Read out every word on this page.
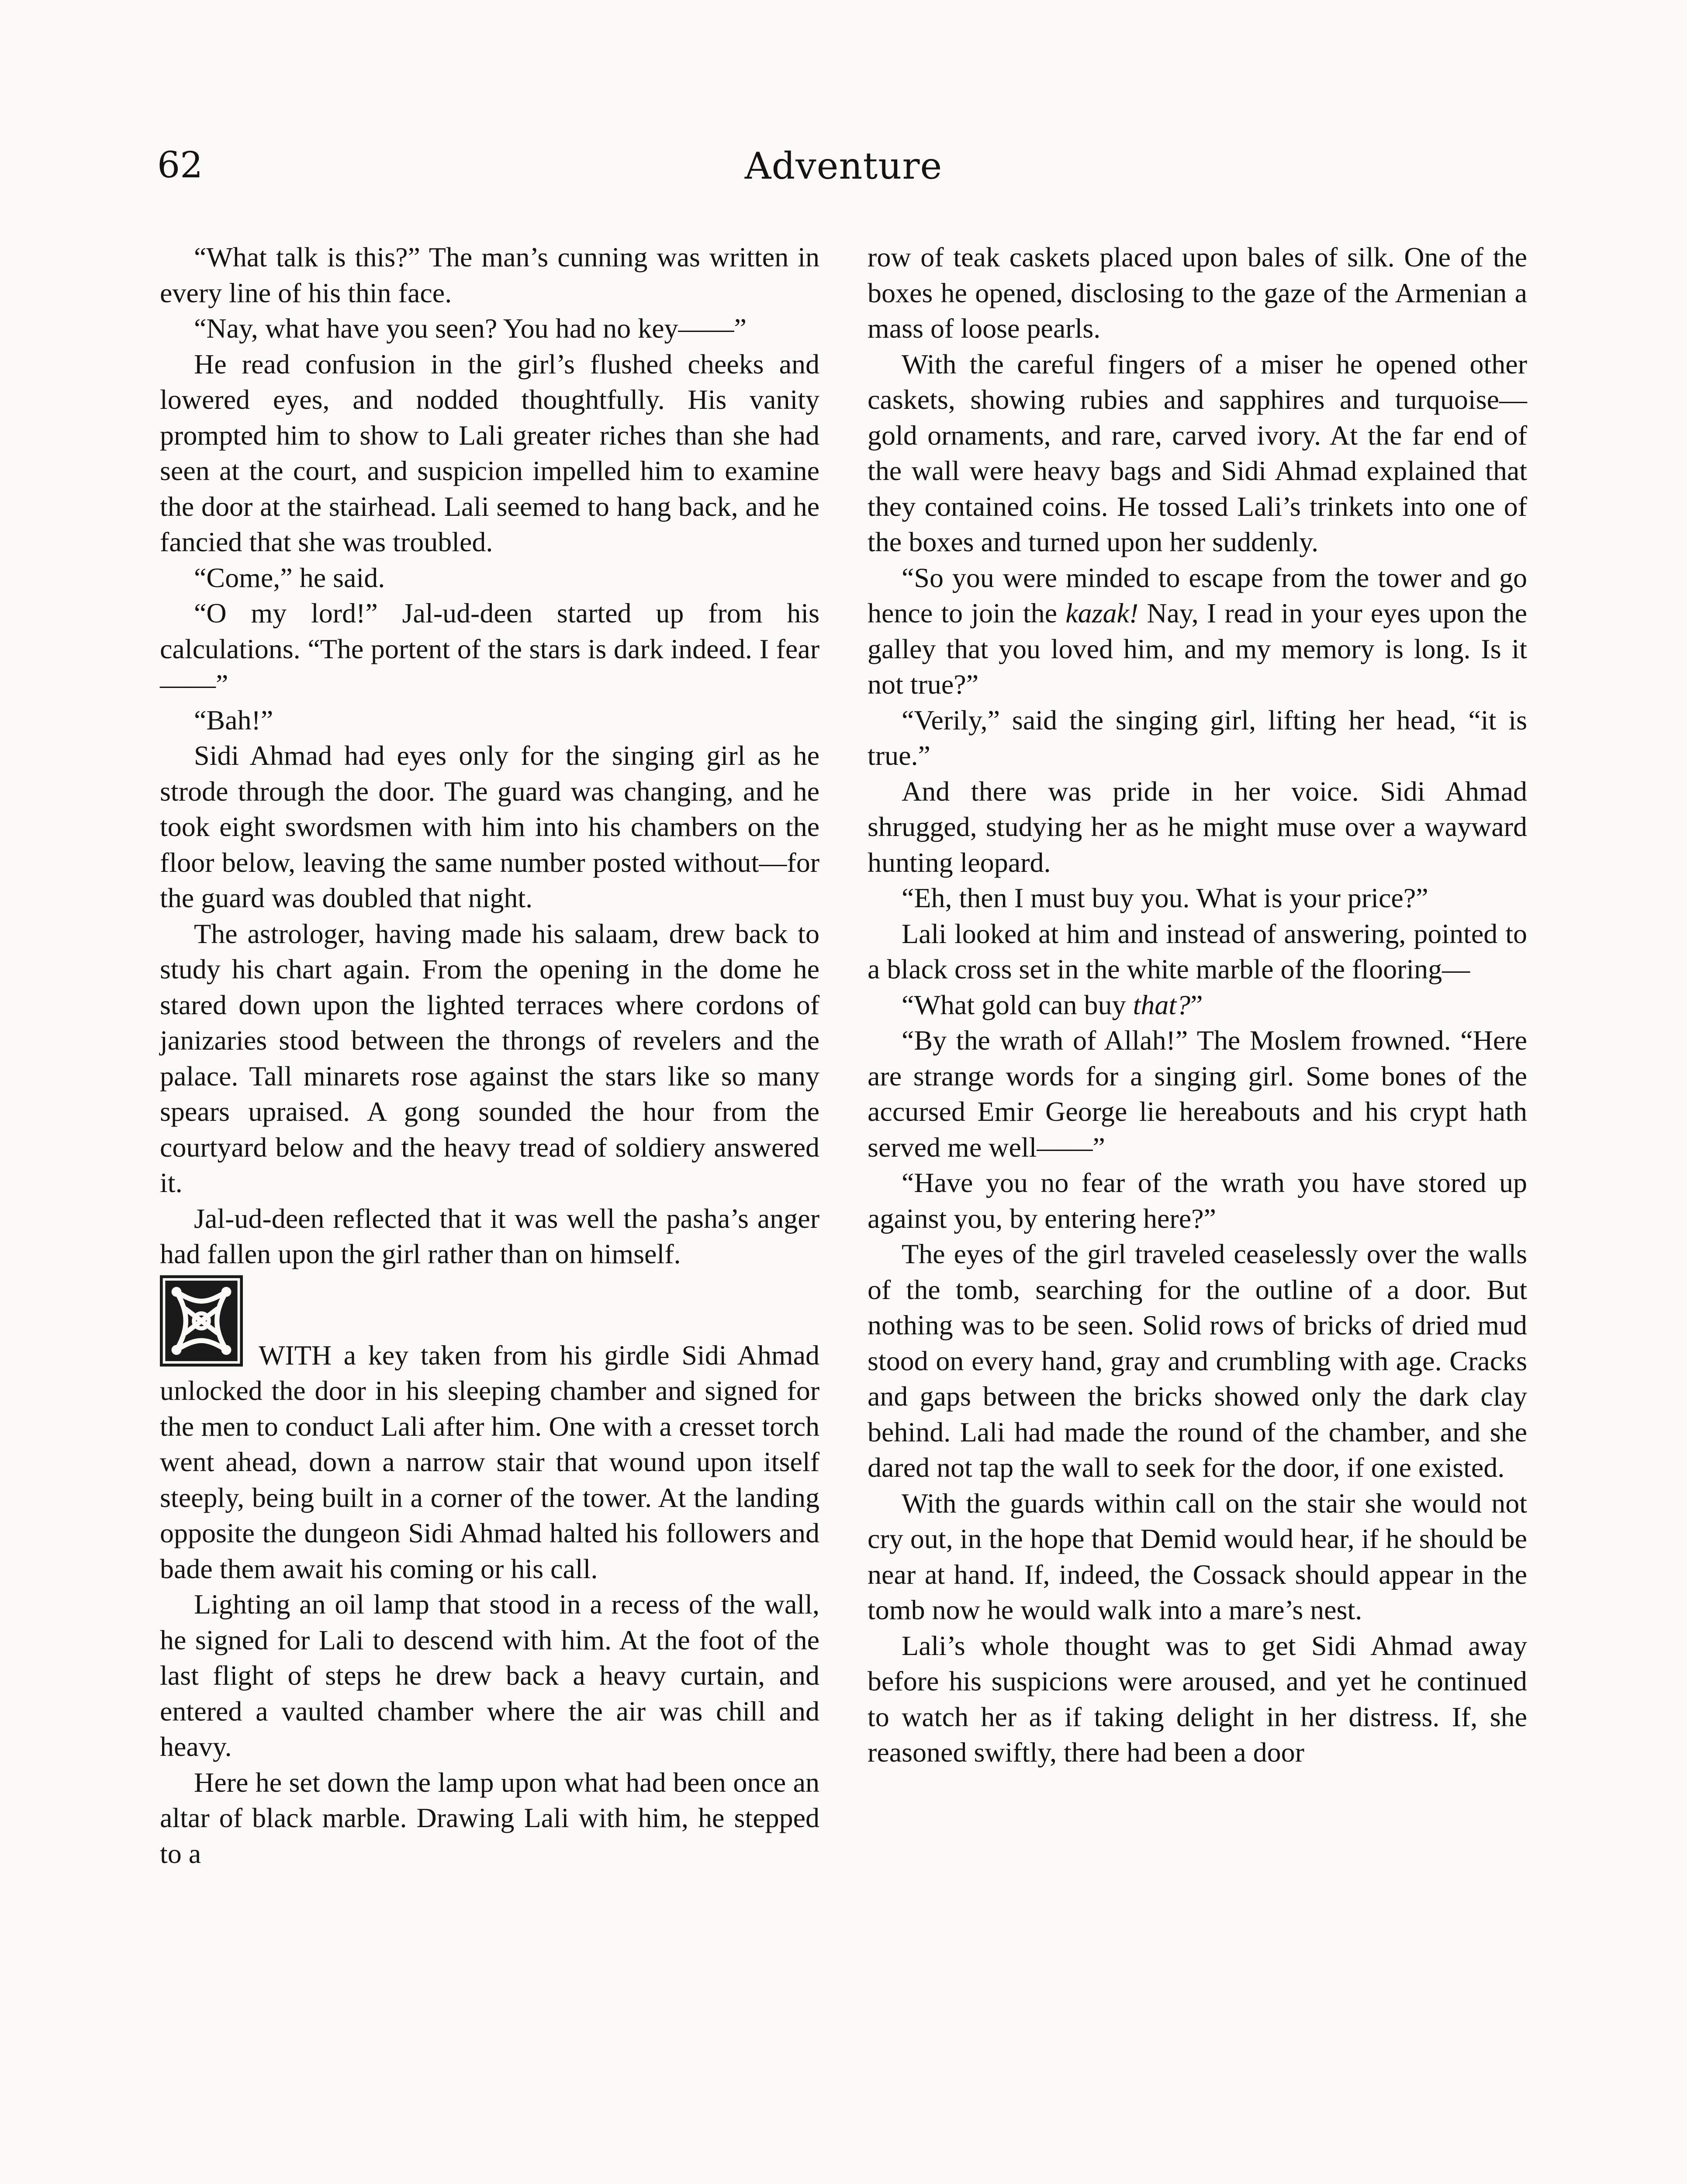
62	Adventure

“What talk is this?” The man’s cunning was written in every line of his thin face.

“Nay, what have you seen? You had no key——”

He read confusion in the girl’s flushed cheeks and lowered eyes, and nodded thoughtfully. His vanity prompted him to show to Lali greater riches than she had seen at the court, and suspicion impelled him to examine the door at the stairhead. Lali seemed to hang back, and he fancied that she was troubled.

“Come,” he said.

“O my lord!” Jal-ud-deen started up from his calculations. “The portent of the stars is dark indeed. I fear——”

“Bah!”

Sidi Ahmad had eyes only for the singing girl as he strode through the door. The guard was changing, and he took eight swordsmen with him into his chambers on the floor below, leaving the same number posted without—for the guard was doubled that night.

The astrologer, having made his salaam, drew back to study his chart again. From the opening in the dome he stared down upon the lighted terraces where cordons of janizaries stood between the throngs of revelers and the palace. Tall minarets rose against the stars like so many spears upraised. A gong sounded the hour from the courtyard below and the heavy tread of soldiery answered it.

Jal-ud-deen reflected that it was well the pasha’s anger had fallen upon the girl rather than on himself.

WITH a key taken from his girdle Sidi Ahmad unlocked the door in his sleeping chamber and signed for the men to conduct Lali after him. One with a cresset torch went ahead, down a narrow stair that wound upon itself steeply, being built in a corner of the tower. At the landing opposite the dungeon Sidi Ahmad halted his followers and bade them await his coming or his call.

Lighting an oil lamp that stood in a recess of the wall, he signed for Lali to descend with him. At the foot of the last flight of steps he drew back a heavy curtain, and entered a vaulted chamber where the air was chill and heavy.

Here he set down the lamp upon what had been once an altar of black marble. Drawing Lali with him, he stepped to a

row of teak caskets placed upon bales of silk. One of the boxes he opened, disclosing to the gaze of the Armenian a mass of loose pearls.

With the careful fingers of a miser he opened other caskets, showing rubies and sapphires and turquoise—gold ornaments, and rare, carved ivory. At the far end of the wall were heavy bags and Sidi Ahmad explained that they contained coins. He tossed Lali’s trinkets into one of the boxes and turned upon her suddenly.

“So you were minded to escape from the tower and go hence to join the kazak! Nay, I read in your eyes upon the galley that you loved him, and my memory is long. Is it not true?”

“Verily,” said the singing girl, lifting her head, “it is true.”

And there was pride in her voice. Sidi Ahmad shrugged, studying her as he might muse over a wayward hunting leopard.

“Eh, then I must buy you. What is your price?”

Lali looked at him and instead of answering, pointed to a black cross set in the white marble of the flooring—

“What gold can buy that?”

“By the wrath of Allah!” The Moslem frowned. “Here are strange words for a singing girl. Some bones of the accursed Emir George lie hereabouts and his crypt hath served me well——”

“Have you no fear of the wrath you have stored up against you, by entering here?”

The eyes of the girl traveled ceaselessly over the walls of the tomb, searching for the outline of a door. But nothing was to be seen. Solid rows of bricks of dried mud stood on every hand, gray and crumbling with age. Cracks and gaps between the bricks showed only the dark clay behind. Lali had made the round of the chamber, and she dared not tap the wall to seek for the door, if one existed.

With the guards within call on the stair she would not cry out, in the hope that Demid would hear, if he should be near at hand. If, indeed, the Cossack should appear in the tomb now he would walk into a mare’s nest.

Lali’s whole thought was to get Sidi Ahmad away before his suspicions were aroused, and yet he continued to watch her as if taking delight in her distress. If, she reasoned swiftly, there had been a door
